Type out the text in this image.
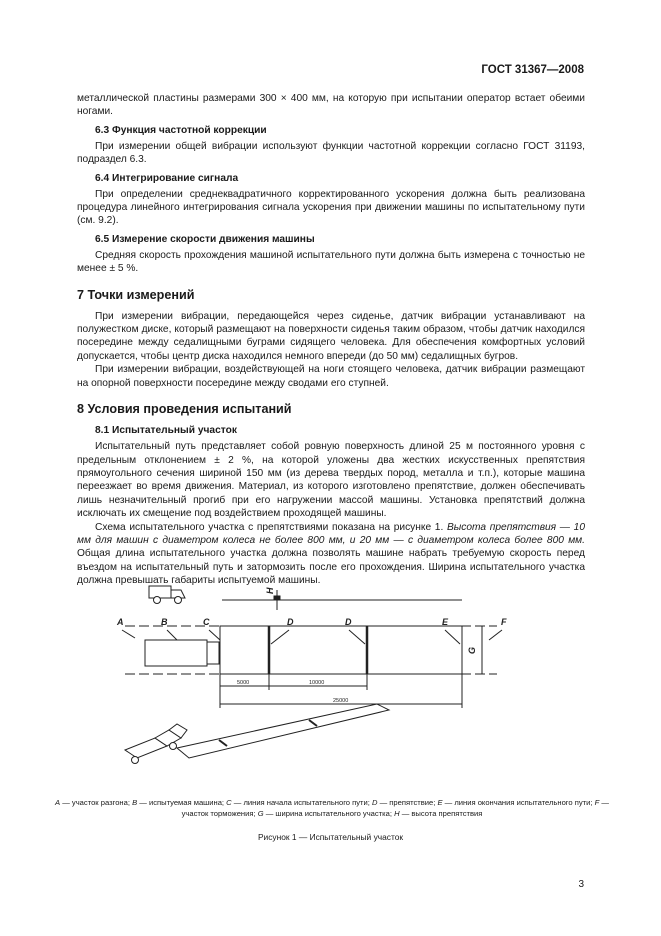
ГОСТ 31367—2008

металлической пластины размерами 300 × 400 мм, на которую при испытании оператор встает обеими ногами.

6.3 Функция частотной коррекции

При измерении общей вибрации используют функции частотной коррекции согласно ГОСТ 31193, подраздел 6.3.

6.4 Интегрирование сигнала

При определении среднеквадратичного корректированного ускорения должна быть реализована процедура линейного интегрирования сигнала ускорения при движении машины по испытательному пути (см. 9.2).

6.5 Измерение скорости движения машины

Средняя скорость прохождения машиной испытательного пути должна быть измерена с точностью не менее ± 5 %.

7 Точки измерений

При измерении вибрации, передающейся через сиденье, датчик вибрации устанавливают на полужестком диске, который размещают на поверхности сиденья таким образом, чтобы датчик находился посередине между седалищными буграми сидящего человека. Для обеспечения комфортных условий допускается, чтобы центр диска находился немного впереди (до 50 мм) седалищных бугров.

При измерении вибрации, воздействующей на ноги стоящего человека, датчик вибрации размещают на опорной поверхности посередине между сводами его ступней.

8 Условия проведения испытаний
8.1 Испытательный участок

Испытательный путь представляет собой ровную поверхность длиной 25 м постоянного уровня с предельным отклонением ± 2 %, на которой уложены два жестких искусственных препятствия прямоугольного сечения шириной 150 мм (из дерева твердых пород, металла и т.п.), которые машина переезжает во время движения. Материал, из которого изготовлено препятствие, должен обеспечивать лишь незначительный прогиб при его нагружении массой машины. Установка препятствий должна исключать их смещение под воздействием проходящей машины.

Схема испытательного участка с препятствиями показана на рисунке 1. Высота препятствия — 10 мм для машин с диаметром колеса не более 800 мм, и 20 мм — с диаметром колеса более 800 мм. Общая длина испытательного участка должна позволять машине набрать требуемую скорость перед въездом на испытательный путь и затормозить после его прохождения. Ширина испытательного участка должна превышать габариты испытуемой машины.

A	B	C	D	D	E	F
G
H
5000	10000
25000
A — участок разгона; B — испытуемая машина; C — линия начала испытательного пути; D — препятствие; E — линия окончания испытательного пути; F — участок торможения; G — ширина испытательного участка; H — высота препятствия
Рисунок 1 — Испытательный участок
3
